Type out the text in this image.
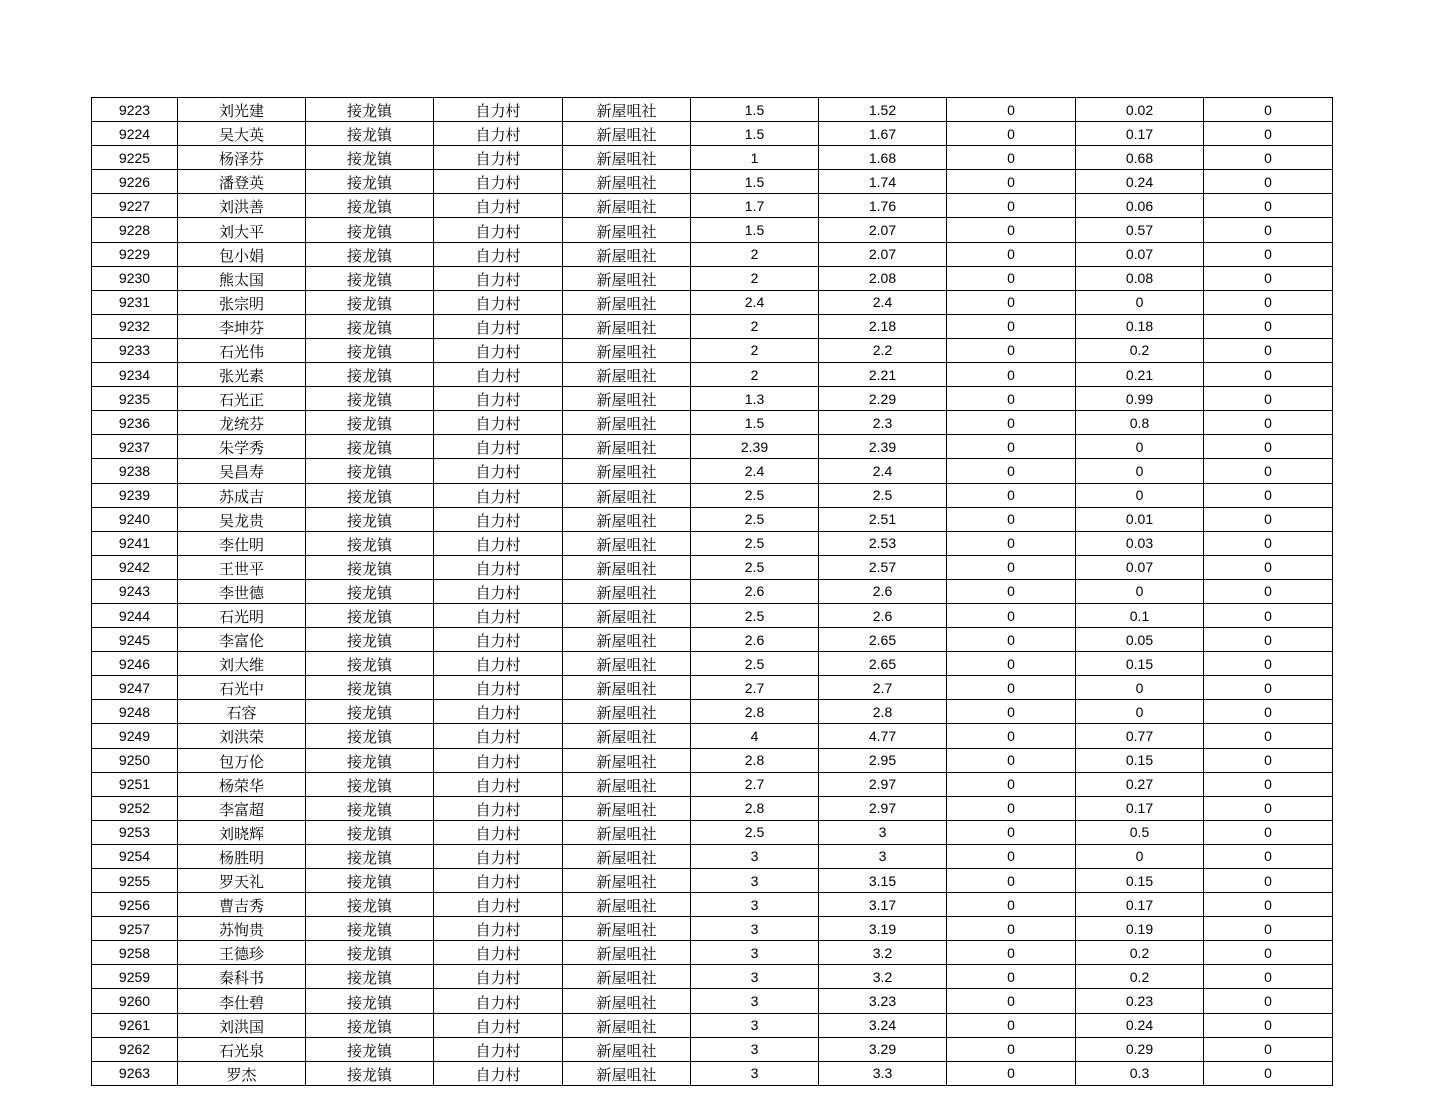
9223	刘光建	接龙镇	自力村	新屋咀社	1.5	1.52	0	0.02	0
9224	吴大英	接龙镇	自力村	新屋咀社	1.5	1.67	0	0.17	0
9225	杨泽芬	接龙镇	自力村	新屋咀社	1	1.68	0	0.68	0
9226	潘登英	接龙镇	自力村	新屋咀社	1.5	1.74	0	0.24	0
9227	刘洪善	接龙镇	自力村	新屋咀社	1.7	1.76	0	0.06	0
9228	刘大平	接龙镇	自力村	新屋咀社	1.5	2.07	0	0.57	0
9229	包小娟	接龙镇	自力村	新屋咀社	2	2.07	0	0.07	0
9230	熊太国	接龙镇	自力村	新屋咀社	2	2.08	0	0.08	0
9231	张宗明	接龙镇	自力村	新屋咀社	2.4	2.4	0	0	0
9232	李坤芬	接龙镇	自力村	新屋咀社	2	2.18	0	0.18	0
9233	石光伟	接龙镇	自力村	新屋咀社	2	2.2	0	0.2	0
9234	张光素	接龙镇	自力村	新屋咀社	2	2.21	0	0.21	0
9235	石光正	接龙镇	自力村	新屋咀社	1.3	2.29	0	0.99	0
9236	龙统芬	接龙镇	自力村	新屋咀社	1.5	2.3	0	0.8	0
9237	朱学秀	接龙镇	自力村	新屋咀社	2.39	2.39	0	0	0
9238	吴昌寿	接龙镇	自力村	新屋咀社	2.4	2.4	0	0	0
9239	苏成吉	接龙镇	自力村	新屋咀社	2.5	2.5	0	0	0
9240	吴龙贵	接龙镇	自力村	新屋咀社	2.5	2.51	0	0.01	0
9241	李仕明	接龙镇	自力村	新屋咀社	2.5	2.53	0	0.03	0
9242	王世平	接龙镇	自力村	新屋咀社	2.5	2.57	0	0.07	0
9243	李世德	接龙镇	自力村	新屋咀社	2.6	2.6	0	0	0
9244	石光明	接龙镇	自力村	新屋咀社	2.5	2.6	0	0.1	0
9245	李富伦	接龙镇	自力村	新屋咀社	2.6	2.65	0	0.05	0
9246	刘大维	接龙镇	自力村	新屋咀社	2.5	2.65	0	0.15	0
9247	石光中	接龙镇	自力村	新屋咀社	2.7	2.7	0	0	0
9248	石容	接龙镇	自力村	新屋咀社	2.8	2.8	0	0	0
9249	刘洪荣	接龙镇	自力村	新屋咀社	4	4.77	0	0.77	0
9250	包万伦	接龙镇	自力村	新屋咀社	2.8	2.95	0	0.15	0
9251	杨荣华	接龙镇	自力村	新屋咀社	2.7	2.97	0	0.27	0
9252	李富超	接龙镇	自力村	新屋咀社	2.8	2.97	0	0.17	0
9253	刘晓辉	接龙镇	自力村	新屋咀社	2.5	3	0	0.5	0
9254	杨胜明	接龙镇	自力村	新屋咀社	3	3	0	0	0
9255	罗天礼	接龙镇	自力村	新屋咀社	3	3.15	0	0.15	0
9256	曹吉秀	接龙镇	自力村	新屋咀社	3	3.17	0	0.17	0
9257	苏恂贵	接龙镇	自力村	新屋咀社	3	3.19	0	0.19	0
9258	王德珍	接龙镇	自力村	新屋咀社	3	3.2	0	0.2	0
9259	秦科书	接龙镇	自力村	新屋咀社	3	3.2	0	0.2	0
9260	李仕碧	接龙镇	自力村	新屋咀社	3	3.23	0	0.23	0
9261	刘洪国	接龙镇	自力村	新屋咀社	3	3.24	0	0.24	0
9262	石光泉	接龙镇	自力村	新屋咀社	3	3.29	0	0.29	0
9263	罗杰	接龙镇	自力村	新屋咀社	3	3.3	0	0.3	0
